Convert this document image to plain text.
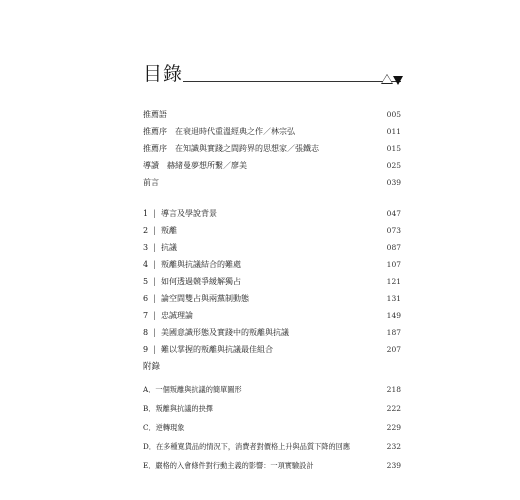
目錄
推薦語	005
推薦序 在衰退時代重溫經典之作／林宗弘	011
推薦序 在知識與實踐之間跨界的思想家／張鐵志	015
導讀 赫緒曼夢想所繫／廖美	025
前言	039
1 | 導言及學說背景	047
2 | 叛離	073
3 | 抗議	087
4 | 叛離與抗議結合的難處	107
5 | 如何透過競爭緩解獨占	121
6 | 論空間雙占與兩黨制動態	131
7 | 忠誠理論	149
8 | 美國意識形態及實踐中的叛離與抗議	187
9 | 難以掌握的叛離與抗議最佳組合	207
附錄
A．一個叛離與抗議的簡單圖形	218
B．叛離與抗議的抉擇	222
C．逆轉現象	229
D．在多種寬貨品的情況下，消費者對價格上升與品質下降的回應	232
E．嚴格的入會條件對行動主義的影響：一項實驗設計	239
